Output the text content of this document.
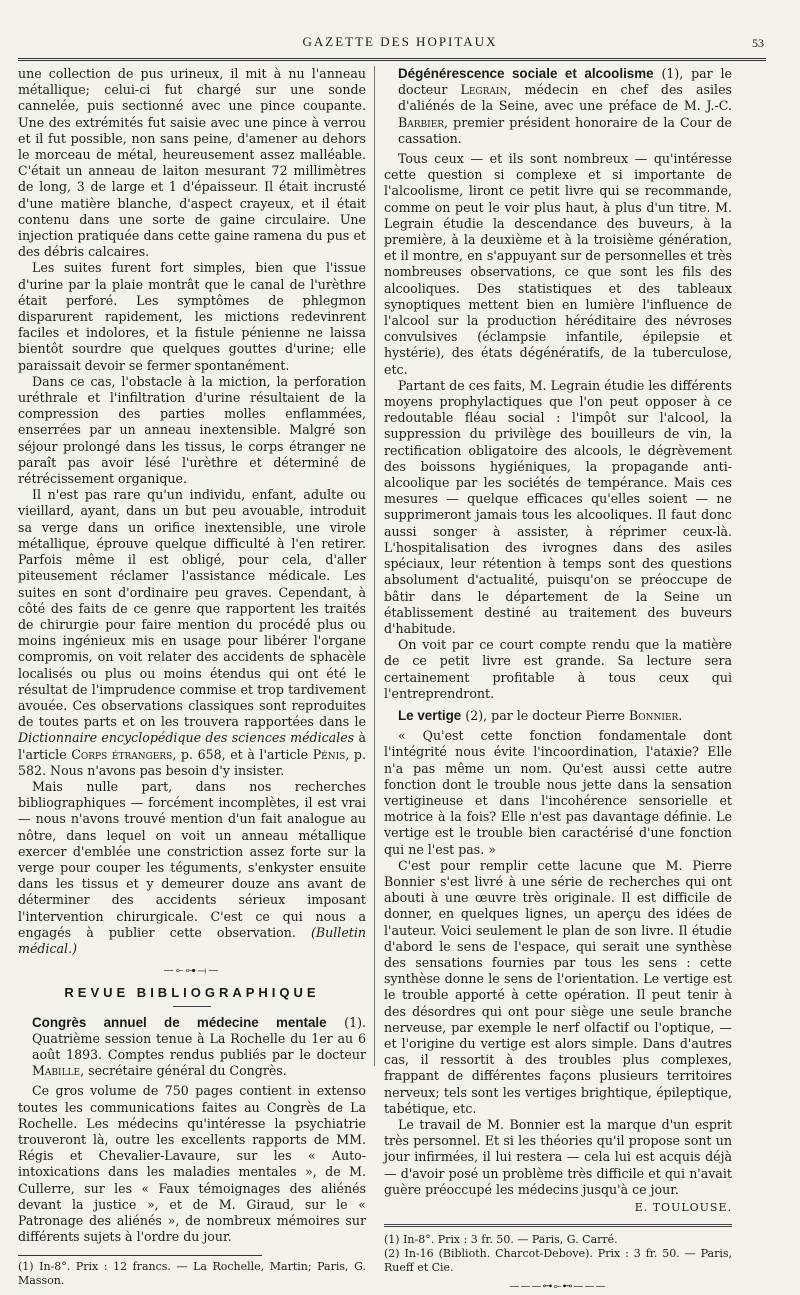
GAZETTE DES HOPITAUX	53

une collection de pus urineux, il mit à nu l'anneau métallique; celui-ci fut chargé sur une sonde cannelée, puis sectionné avec une pince coupante. Une des extrémités fut saisie avec une pince à verrou et il fut possible, non sans peine, d'amener au dehors le morceau de métal, heureusement assez malléable. C'était un anneau de laiton mesurant 72 millimètres de long, 3 de large et 1 d'épaisseur. Il était incrusté d'une matière blanche, d'aspect crayeux, et il était contenu dans une sorte de gaine circulaire. Une injection pratiquée dans cette gaine ramena du pus et des débris calcaires.

Les suites furent fort simples, bien que l'issue d'urine par la plaie montrât que le canal de l'urèthre était perforé. Les symptômes de phlegmon disparurent rapidement, les mictions redevinrent faciles et indolores, et la fistule pénienne ne laissa bientôt sourdre que quelques gouttes d'urine; elle paraissait devoir se fermer spontanément.

Dans ce cas, l'obstacle à la miction, la perforation uréthrale et l'infiltration d'urine résultaient de la compression des parties molles enflammées, enserrées par un anneau inextensible. Malgré son séjour prolongé dans les tissus, le corps étranger ne paraît pas avoir lésé l'urèthre et déterminé de rétrécissement organique.

Il n'est pas rare qu'un individu, enfant, adulte ou vieillard, ayant, dans un but peu avouable, introduit sa verge dans un orifice inextensible, une virole métallique, éprouve quelque difficulté à l'en retirer. Parfois même il est obligé, pour cela, d'aller piteusement réclamer l'assistance médicale. Les suites en sont d'ordinaire peu graves. Cependant, à côté des faits de ce genre que rapportent les traités de chirurgie pour faire mention du procédé plus ou moins ingénieux mis en usage pour libérer l'organe compromis, on voit relater des accidents de sphacèle localisés ou plus ou moins étendus qui ont été le résultat de l'imprudence commise et trop tardivement avouée. Ces observations classiques sont reproduites de toutes parts et on les trouvera rapportées dans le Dictionnaire encyclopédique des sciences médicales à l'article Corps étrangers, p. 658, et à l'article Pénis, p. 582. Nous n'avons pas besoin d'y insister.

Mais nulle part, dans nos recherches bibliographiques — forcément incomplètes, il est vrai — nous n'avons trouvé mention d'un fait analogue au nôtre, dans lequel on voit un anneau métallique exercer d'emblée une constriction assez forte sur la verge pour couper les téguments, s'enkyster ensuite dans les tissus et y demeurer douze ans avant de déterminer des accidents sérieux imposant l'intervention chirurgicale. C'est ce qui nous a engagés à publier cette observation. (Bulletin médical.)

—⟜⊶⟞—
REVUE BIBLIOGRAPHIQUE

Congrès annuel de médecine mentale (1). Quatrième session tenue à La Rochelle du 1er au 6 août 1893. Comptes rendus publiés par le docteur Mabille, secrétaire général du Congrès.

Ce gros volume de 750 pages contient in extenso toutes les communications faites au Congrès de La Rochelle. Les médecins qu'intéresse la psychiatrie trouveront là, outre les excellents rapports de MM. Régis et Chevalier-Lavaure, sur les « Auto-intoxications dans les maladies mentales », de M. Cullerre, sur les « Faux témoignages des aliénés devant la justice », et de M. Giraud, sur le « Patronage des aliénés », de nombreux mémoires sur différents sujets à l'ordre du jour.

(1) In-8°. Prix : 12 francs. — La Rochelle, Martin; Paris, G. Masson.

Dégénérescence sociale et alcoolisme (1), par le docteur Legrain, médecin en chef des asiles d'aliénés de la Seine, avec une préface de M. J.-C. Barbier, premier président honoraire de la Cour de cassation.

Tous ceux — et ils sont nombreux — qu'intéresse cette question si complexe et si importante de l'alcoolisme, liront ce petit livre qui se recommande, comme on peut le voir plus haut, à plus d'un titre. M. Legrain étudie la descendance des buveurs, à la première, à la deuxième et à la troisième génération, et il montre, en s'appuyant sur de personnelles et très nombreuses observations, ce que sont les fils des alcooliques. Des statistiques et des tableaux synoptiques mettent bien en lumière l'influence de l'alcool sur la production héréditaire des névroses convulsives (éclampsie infantile, épilepsie et hystérie), des états dégénératifs, de la tuberculose, etc.

Partant de ces faits, M. Legrain étudie les différents moyens prophylactiques que l'on peut opposer à ce redoutable fléau social : l'impôt sur l'alcool, la suppression du privilège des bouilleurs de vin, la rectification obligatoire des alcools, le dégrèvement des boissons hygiéniques, la propagande anti-alcoolique par les sociétés de tempérance. Mais ces mesures — quelque efficaces qu'elles soient — ne supprimeront jamais tous les alcooliques. Il faut donc aussi songer à assister, à réprimer ceux-là. L'hospitalisation des ivrognes dans des asiles spéciaux, leur rétention à temps sont des questions absolument d'actualité, puisqu'on se préoccupe de bâtir dans le département de la Seine un établissement destiné au traitement des buveurs d'habitude.

On voit par ce court compte rendu que la matière de ce petit livre est grande. Sa lecture sera certainement profitable à tous ceux qui l'entreprendront.

Le vertige (2), par le docteur Pierre Bonnier.

« Qu'est cette fonction fondamentale dont l'intégrité nous évite l'incoordination, l'ataxie? Elle n'a pas même un nom. Qu'est aussi cette autre fonction dont le trouble nous jette dans la sensation vertigineuse et dans l'incohérence sensorielle et motrice à la fois? Elle n'est pas davantage définie. Le vertige est le trouble bien caractérisé d'une fonction qui ne l'est pas. »

C'est pour remplir cette lacune que M. Pierre Bonnier s'est livré à une série de recherches qui ont abouti à une œuvre très originale. Il est difficile de donner, en quelques lignes, un aperçu des idées de l'auteur. Voici seulement le plan de son livre. Il étudie d'abord le sens de l'espace, qui serait une synthèse des sensations fournies par tous les sens : cette synthèse donne le sens de l'orientation. Le vertige est le trouble apporté à cette opération. Il peut tenir à des désordres qui ont pour siège une seule branche nerveuse, par exemple le nerf olfactif ou l'optique, — et l'origine du vertige est alors simple. Dans d'autres cas, il ressortit à des troubles plus complexes, frappant de différentes façons plusieurs territoires nerveux; tels sont les vertiges brightique, épileptique, tabétique, etc.

Le travail de M. Bonnier est la marque d'un esprit très personnel. Et si les théories qu'il propose sont un jour infirmées, il lui restera — cela lui est acquis déjà — d'avoir posé un problème très difficile et qui n'avait guère préoccupé les médecins jusqu'à ce jour.

E. TOULOUSE.

(1) In-8°. Prix : 3 fr. 50. — Paris, G. Carré.

(2) In-16 (Biblioth. Charcot-Debove). Prix : 3 fr. 50. — Paris, Rueff et Cie.

———⊶⟜⊷———
